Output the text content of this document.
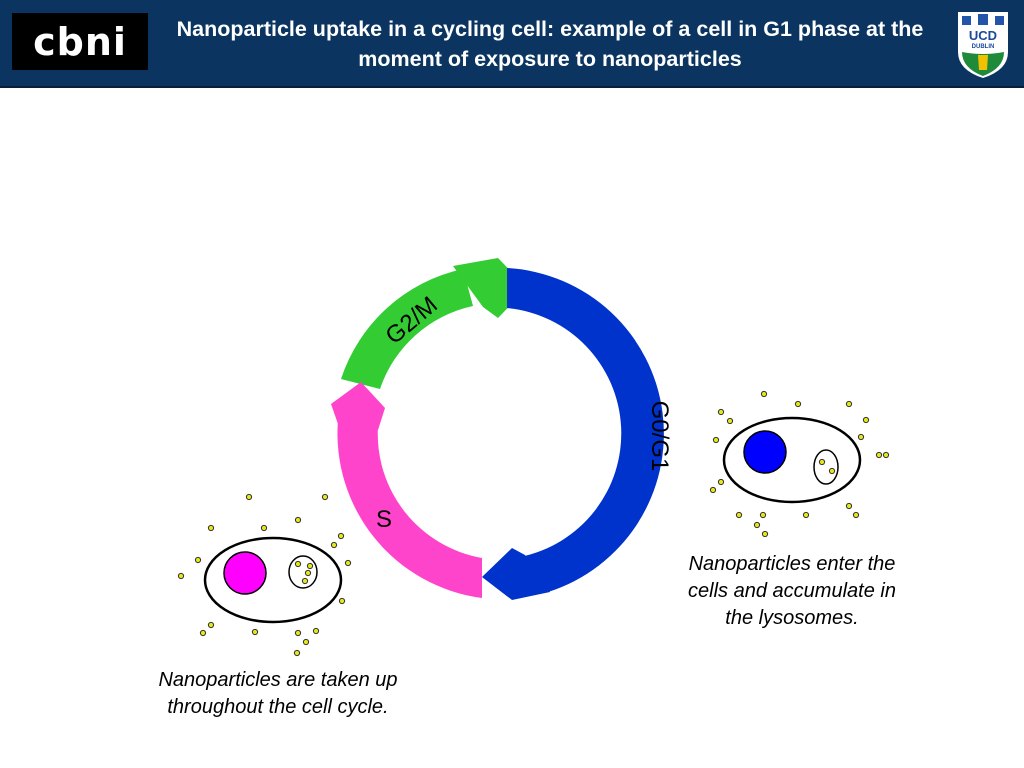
cbni	Nanoparticle uptake in a cycling cell: example of a cell in G1 phase at the moment of exposure to nanoparticles
UCD
DUBLIN
G2/M
G0/G1
S
Nanoparticles enter the cells and accumulate in the lysosomes.
Nanoparticles are taken up throughout the cell cycle.
